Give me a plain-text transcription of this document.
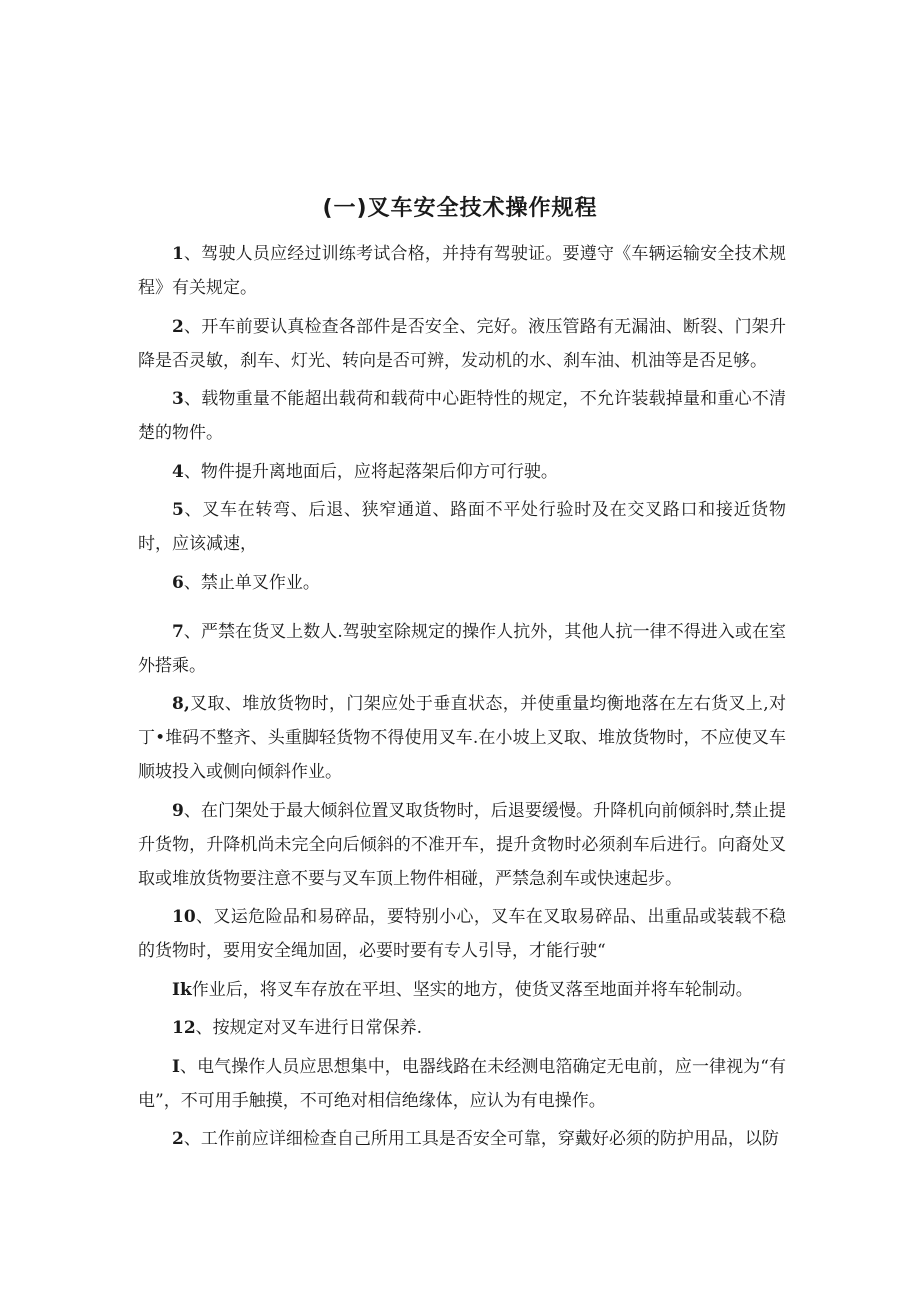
(一)叉车安全技术操作规程

1、驾驶人员应经过训练考试合格，并持有驾驶证。要遵守《车辆运输安全技术规程》有关规定。

2、开车前要认真检查各部件是否安全、完好。液压管路有无漏油、断裂、门架升降是否灵敏，刹车、灯光、转向是否可辨，发动机的水、刹车油、机油等是否足够。

3、载物重量不能超出载荷和载荷中心距特性的规定，不允许装载掉量和重心不清楚的物件。

4、物件提升离地面后，应将起落架后仰方可行驶。

5、叉车在转弯、后退、狭窄通道、路面不平处行验时及在交叉路口和接近货物时，应该减速，

6、禁止单叉作业。

7、严禁在货叉上数人.驾驶室除规定的操作人抗外，其他人抗一律不得进入或在室外搭乘。

8,叉取、堆放货物时，门架应处于垂直状态，并使重量均衡地落在左右货叉上,对丁•堆码不整齐、头重脚轻货物不得使用叉车.在小坡上叉取、堆放货物时，不应使叉车顺坡投入或侧向倾斜作业。

9、在门架处于最大倾斜位置叉取货物时，后退要缓慢。升降机向前倾斜时,禁止提升货物，升降机尚未完全向后倾斜的不准开车，提升贪物时必须刹车后进行。向裔处叉取或堆放货物要注意不要与叉车顶上物件相碰，严禁急刹车或快速起步。

10、叉运危险品和易碎品，要特别小心，叉车在叉取易碎品、出重品或装载不稳的货物时，要用安全绳加固，必要时要有专人引导，才能行驶“

Ik作业后，将叉车存放在平坦、坚实的地方，使货叉落至地面并将车轮制动。

12、按规定对叉车进行日常保养.

I、电气操作人员应思想集中，电器线路在未经测电箔确定无电前，应一律视为“有电”，不可用手触摸，不可绝对相信绝缘体，应认为有电操作。

2、工作前应详细检查自己所用工具是否安全可靠，穿戴好必须的防护用品，以防
